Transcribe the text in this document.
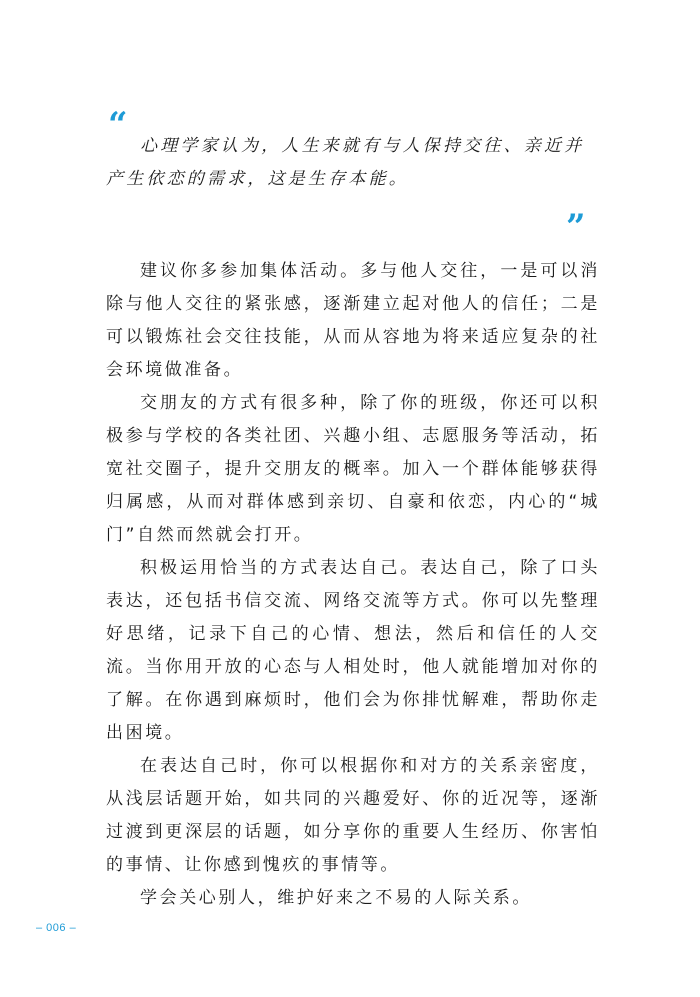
“

心理学家认为，人生来就有与人保持交往、亲近并产生依恋的需求，这是生存本能。

”

建议你多参加集体活动。多与他人交往，一是可以消除与他人交往的紧张感，逐渐建立起对他人的信任；二是可以锻炼社会交往技能，从而从容地为将来适应复杂的社会环境做准备。

交朋友的方式有很多种，除了你的班级，你还可以积极参与学校的各类社团、兴趣小组、志愿服务等活动，拓宽社交圈子，提升交朋友的概率。加入一个群体能够获得归属感，从而对群体感到亲切、自豪和依恋，内心的“城门”自然而然就会打开。

积极运用恰当的方式表达自己。表达自己，除了口头表达，还包括书信交流、网络交流等方式。你可以先整理好思绪，记录下自己的心情、想法，然后和信任的人交流。当你用开放的心态与人相处时，他人就能增加对你的了解。在你遇到麻烦时，他们会为你排忧解难，帮助你走出困境。

在表达自己时，你可以根据你和对方的关系亲密度，从浅层话题开始，如共同的兴趣爱好、你的近况等，逐渐过渡到更深层的话题，如分享你的重要人生经历、你害怕的事情、让你感到愧疚的事情等。

学会关心别人，维护好来之不易的人际关系。

– 006 –
